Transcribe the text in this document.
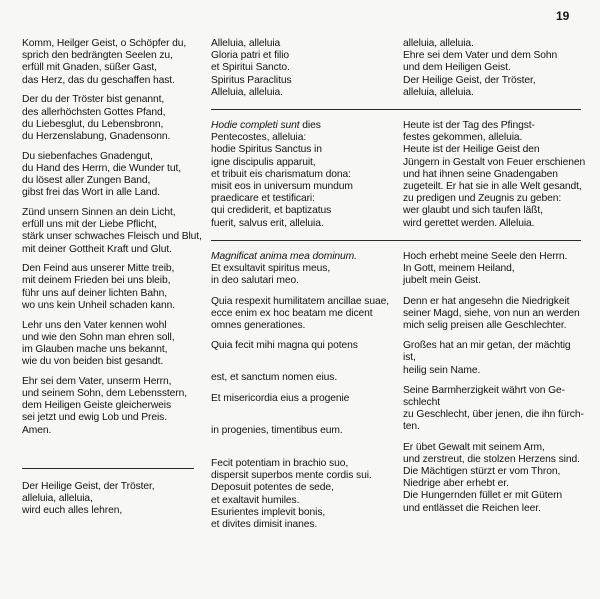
19
Komm, Heilger Geist, o Schöpfer du,
sprich den bedrängten Seelen zu,
erfüll mit Gnaden, süßer Gast,
das Herz, das du geschaffen hast.
Der du der Tröster bist genannt,
des allerhöchsten Gottes Pfand,
du Liebesglut, du Lebensbronn,
du Herzenslabung, Gnadensonn.
Du siebenfaches Gnadengut,
du Hand des Herrn, die Wunder tut,
du lösest aller Zungen Band,
gibst frei das Wort in alle Land.
Zünd unsern Sinnen an dein Licht,
erfüll uns mit der Liebe Pflicht,
stärk unser schwaches Fleisch und Blut,
mit deiner Gottheit Kraft und Glut.
Den Feind aus unserer Mitte treib,
mit deinem Frieden bei uns bleib,
führ uns auf deiner lichten Bahn,
wo uns kein Unheil schaden kann.
Lehr uns den Vater kennen wohl
und wie den Sohn man ehren soll,
im Glauben mache uns bekannt,
wie du von beiden bist gesandt.
Ehr sei dem Vater, unserm Herrn,
und seinem Sohn, dem Lebensstern,
dem Heiligen Geiste gleicherweis
sei jetzt und ewig Lob und Preis.
Amen.
Der Heilige Geist, der Tröster,
alleluia, alleluia,
wird euch alles lehren,
Alleluia, alleluia
Gloria patri et filio
et Spiritui Sancto.
Spiritus Paraclitus
Alleluia, alleluia.
alleluia, alleluia.
Ehre sei dem Vater und dem Sohn
und dem Heiligen Geist.
Der Heilige Geist, der Tröster,
alleluia, alleluia.
Hodie completi sunt dies
Pentecostes, alleluia:
hodie Spiritus Sanctus in
igne discipulis apparuit,
et tribuit eis charismatum dona:
misit eos in universum mundum
praedicare et testificari:
qui crediderit, et baptizatus
fuerit, salvus erit, alleluia.
Heute ist der Tag des Pfingst-
festes gekommen, alleluia.
Heute ist der Heilige Geist den
Jüngern in Gestalt von Feuer erschienen
und hat ihnen seine Gnadengaben
zugeteilt. Er hat sie in alle Welt gesandt,
zu predigen und Zeugnis zu geben:
wer glaubt und sich taufen läßt,
wird gerettet werden. Alleluia.
Magnificat anima mea dominum.
Et exsultavit spiritus meus,
in deo salutari meo.
Quia respexit humilitatem ancillae suae,
ecce enim ex hoc beatam me dicent
omnes generationes.
Quia fecit mihi magna qui potens
est, et sanctum nomen eius.
Et misericordia eius a progenie
in progenies, timentibus eum.
Fecit potentiam in brachio suo,
dispersit superbos mente cordis sui.
Deposuit potentes de sede,
et exaltavit humiles.
Esurientes implevit bonis,
et divites dimisit inanes.
Hoch erhebt meine Seele den Herrn.
In Gott, meinem Heiland,
jubelt mein Geist.
Denn er hat angesehn die Niedrigkeit
seiner Magd, siehe, von nun an werden
mich selig preisen alle Geschlechter.
Großes hat an mir getan, der mächtig
ist,
heilig sein Name.
Seine Barmherzigkeit währt von Ge-
schlecht
zu Geschlecht, über jenen, die ihn fürch-
ten.
Er übet Gewalt mit seinem Arm,
und zerstreut, die stolzen Herzens sind.
Die Mächtigen stürzt er vom Thron,
Niedrige aber erhebt er.
Die Hungernden füllet er mit Gütern
und entlässet die Reichen leer.
